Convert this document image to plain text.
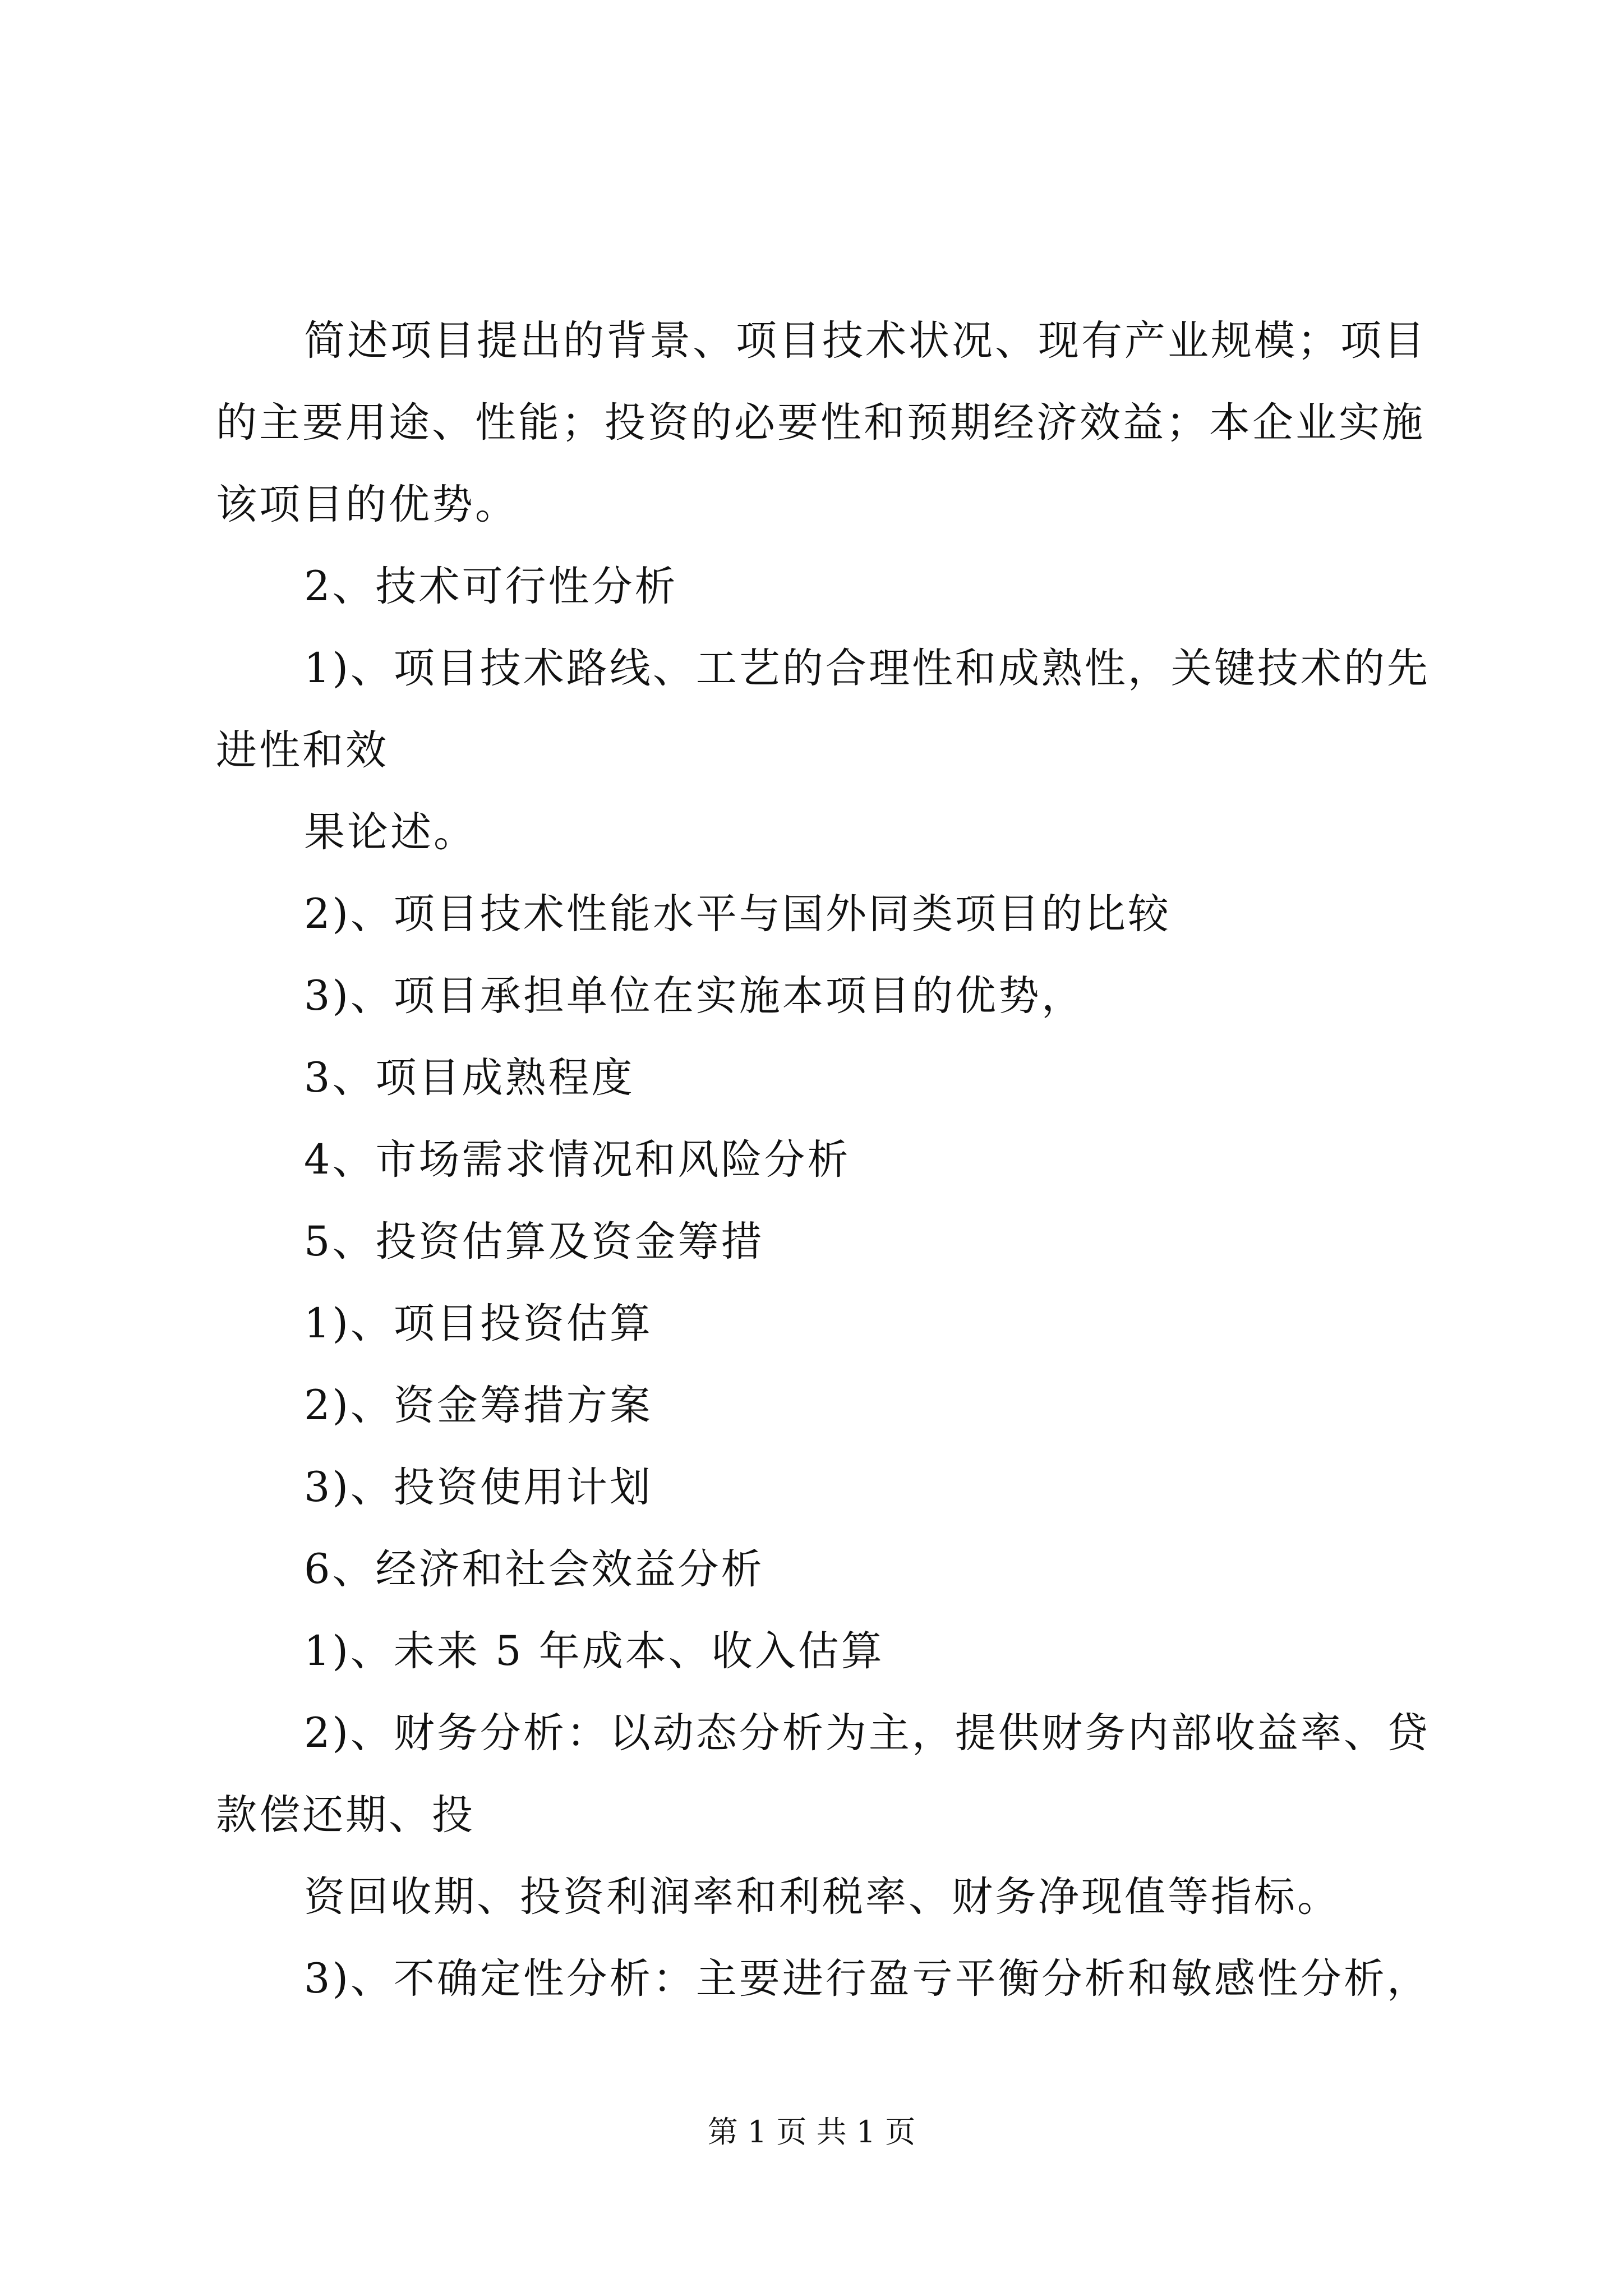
简述项目提出的背景、项目技术状况、现有产业规模；项目

的主要用途、性能；投资的必要性和预期经济效益；本企业实施

该项目的优势。

2、技术可行性分析

1)、项目技术路线、工艺的合理性和成熟性，关键技术的先

进性和效

果论述。

2)、项目技术性能水平与国外同类项目的比较

3)、项目承担单位在实施本项目的优势，

3、项目成熟程度

4、市场需求情况和风险分析

5、投资估算及资金筹措

1)、项目投资估算

2)、资金筹措方案

3)、投资使用计划

6、经济和社会效益分析

1)、未来 5 年成本、收入估算

2)、财务分析：以动态分析为主，提供财务内部收益率、贷

款偿还期、投

资回收期、投资利润率和利税率、财务净现值等指标。

3)、不确定性分析：主要进行盈亏平衡分析和敏感性分析，

第 1 页 共 1 页
